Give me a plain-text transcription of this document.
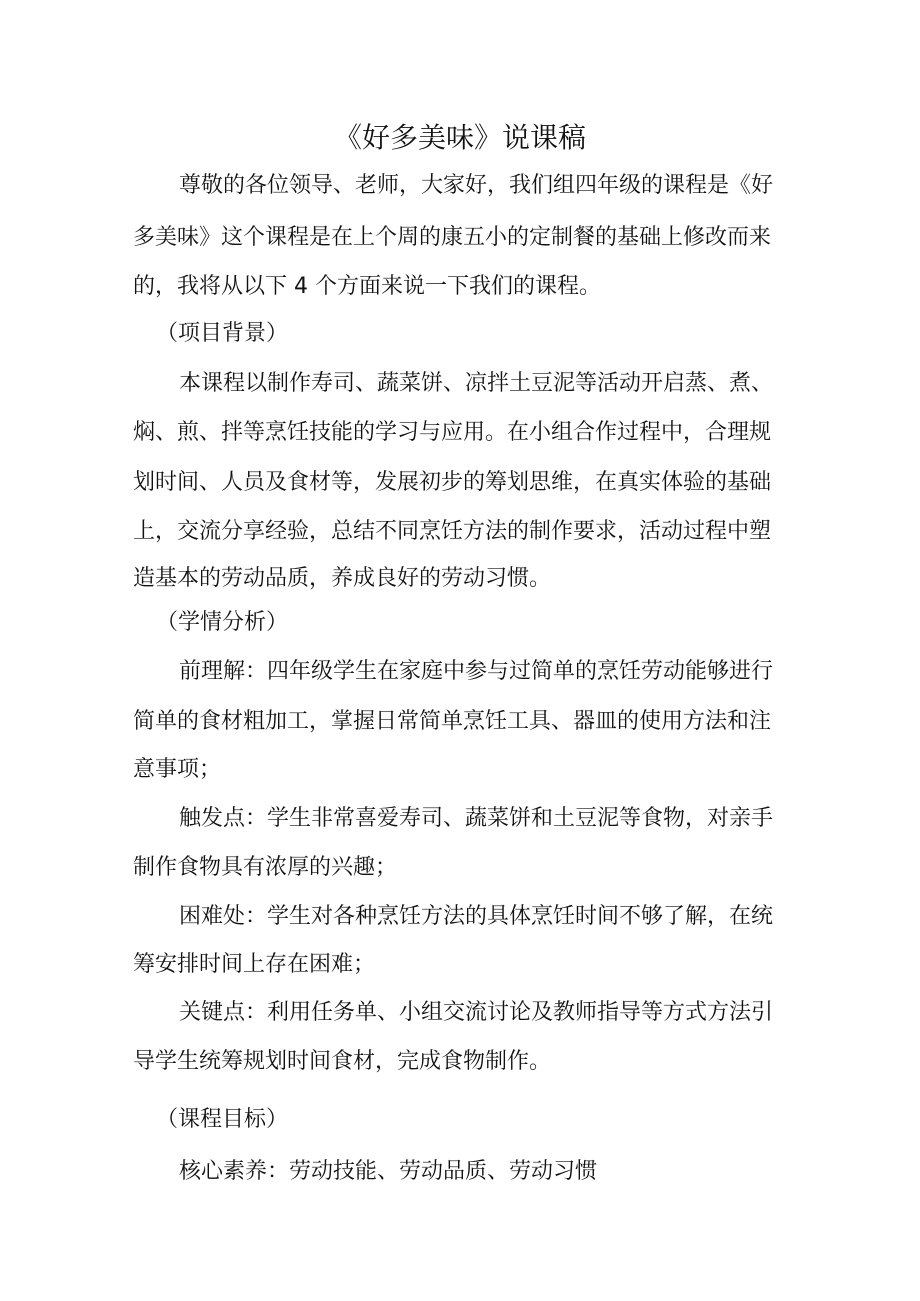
《好多美味》说课稿
尊敬的各位领导、老师，大家好，我们组四年级的课程是《好
多美味》这个课程是在上个周的康五小的定制餐的基础上修改而来
的，我将从以下 4 个方面来说一下我们的课程。
（项目背景）
本课程以制作寿司、蔬菜饼、凉拌土豆泥等活动开启蒸、煮、
焖、煎、拌等烹饪技能的学习与应用。在小组合作过程中，合理规
划时间、人员及食材等，发展初步的筹划思维，在真实体验的基础
上，交流分享经验，总结不同烹饪方法的制作要求，活动过程中塑
造基本的劳动品质，养成良好的劳动习惯。
（学情分析）
前理解：四年级学生在家庭中参与过简单的烹饪劳动能够进行
简单的食材粗加工，掌握日常简单烹饪工具、器皿的使用方法和注
意事项；
触发点：学生非常喜爱寿司、蔬菜饼和土豆泥等食物，对亲手
制作食物具有浓厚的兴趣；
困难处：学生对各种烹饪方法的具体烹饪时间不够了解，在统
筹安排时间上存在困难；
关键点：利用任务单、小组交流讨论及教师指导等方式方法引
导学生统筹规划时间食材，完成食物制作。
（课程目标）
核心素养：劳动技能、劳动品质、劳动习惯
